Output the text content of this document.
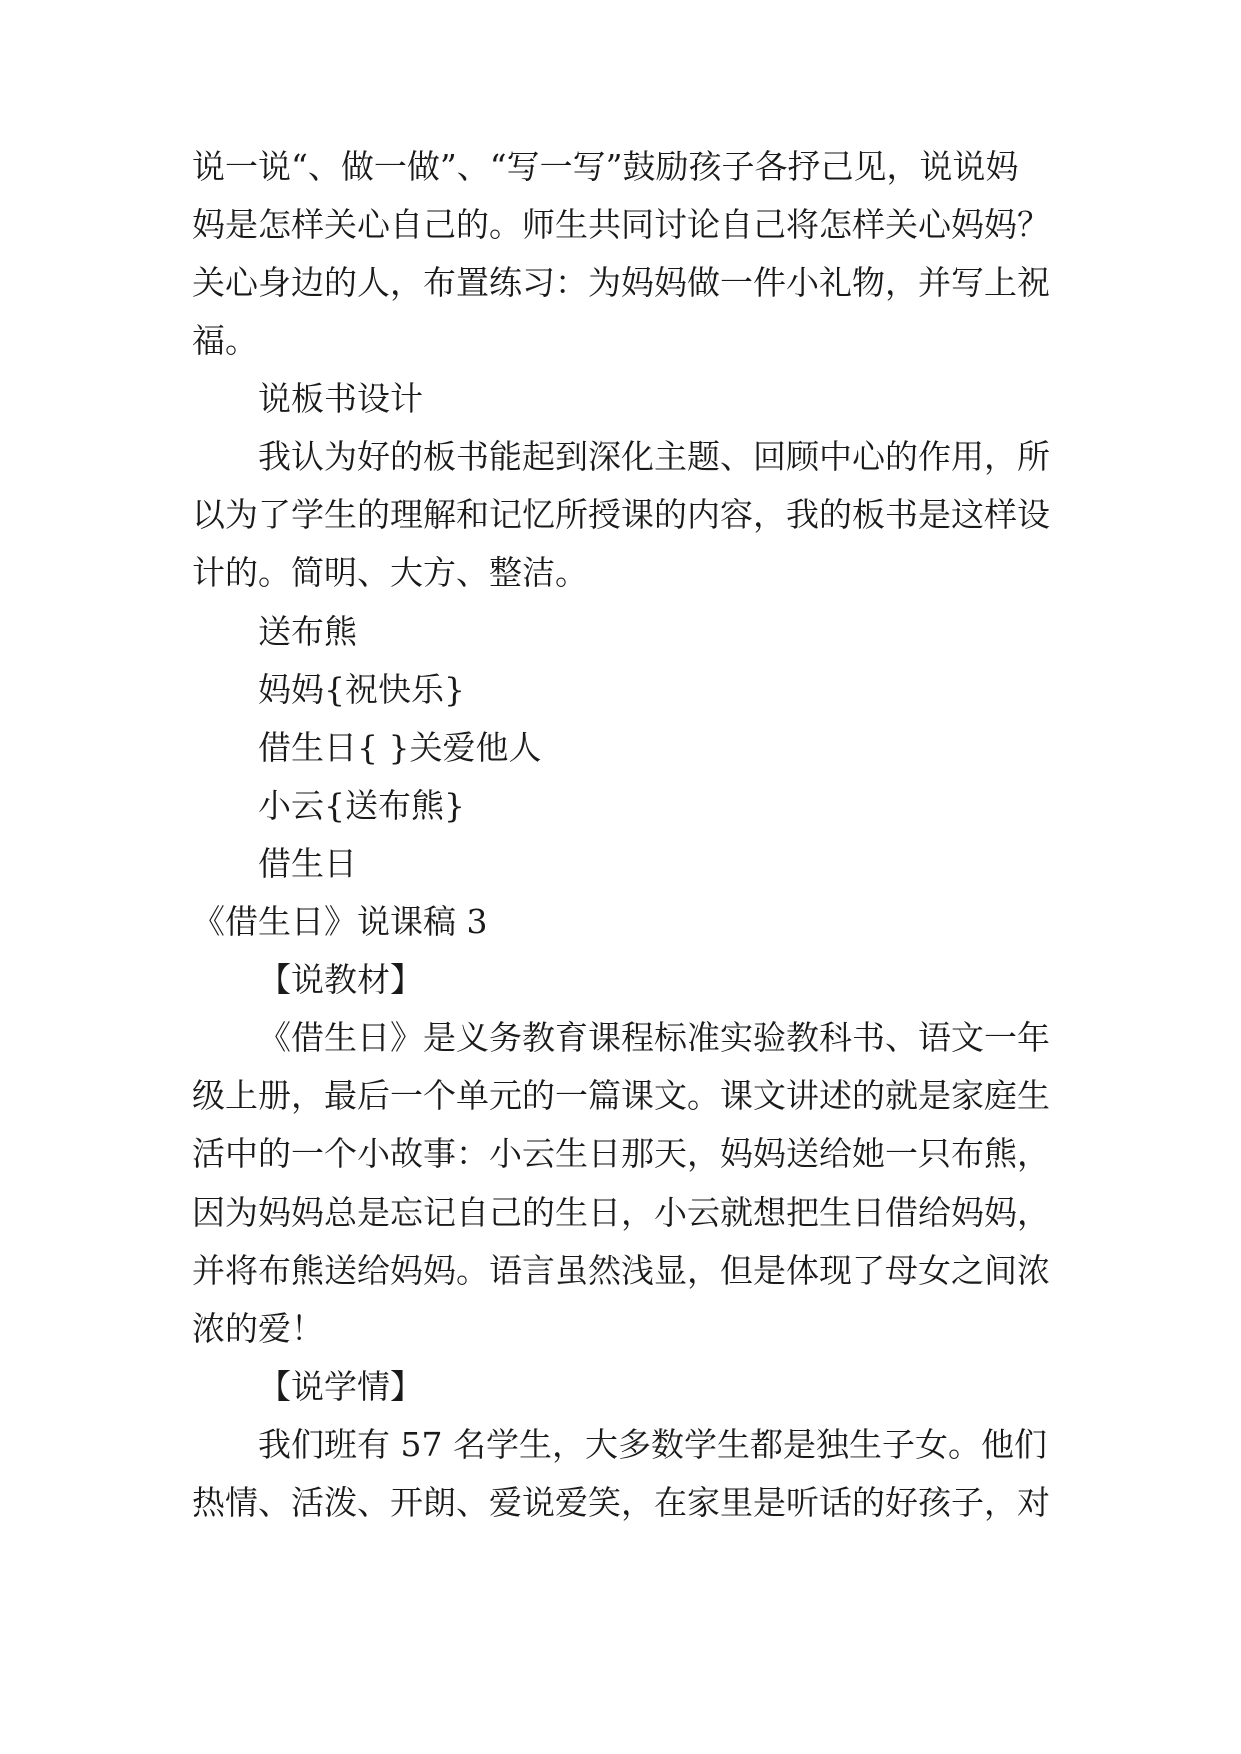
说一说“、做一做”、“写一写”鼓励孩子各抒己见，说说妈
妈是怎样关心自己的。师生共同讨论自己将怎样关心妈妈？
关心身边的人，布置练习：为妈妈做一件小礼物，并写上祝
福。
说板书设计
我认为好的板书能起到深化主题、回顾中心的作用，所
以为了学生的理解和记忆所授课的内容，我的板书是这样设
计的。简明、大方、整洁。
送布熊
妈妈{祝快乐}
借生日{ }关爱他人
小云{送布熊}
借生日
《借生日》说课稿 3
【说教材】
《借生日》是义务教育课程标准实验教科书、语文一年
级上册，最后一个单元的一篇课文。课文讲述的就是家庭生
活中的一个小故事：小云生日那天，妈妈送给她一只布熊，
因为妈妈总是忘记自己的生日，小云就想把生日借给妈妈，
并将布熊送给妈妈。语言虽然浅显，但是体现了母女之间浓
浓的爱！
【说学情】
我们班有 57 名学生，大多数学生都是独生子女。他们
热情、活泼、开朗、爱说爱笑，在家里是听话的好孩子，对
